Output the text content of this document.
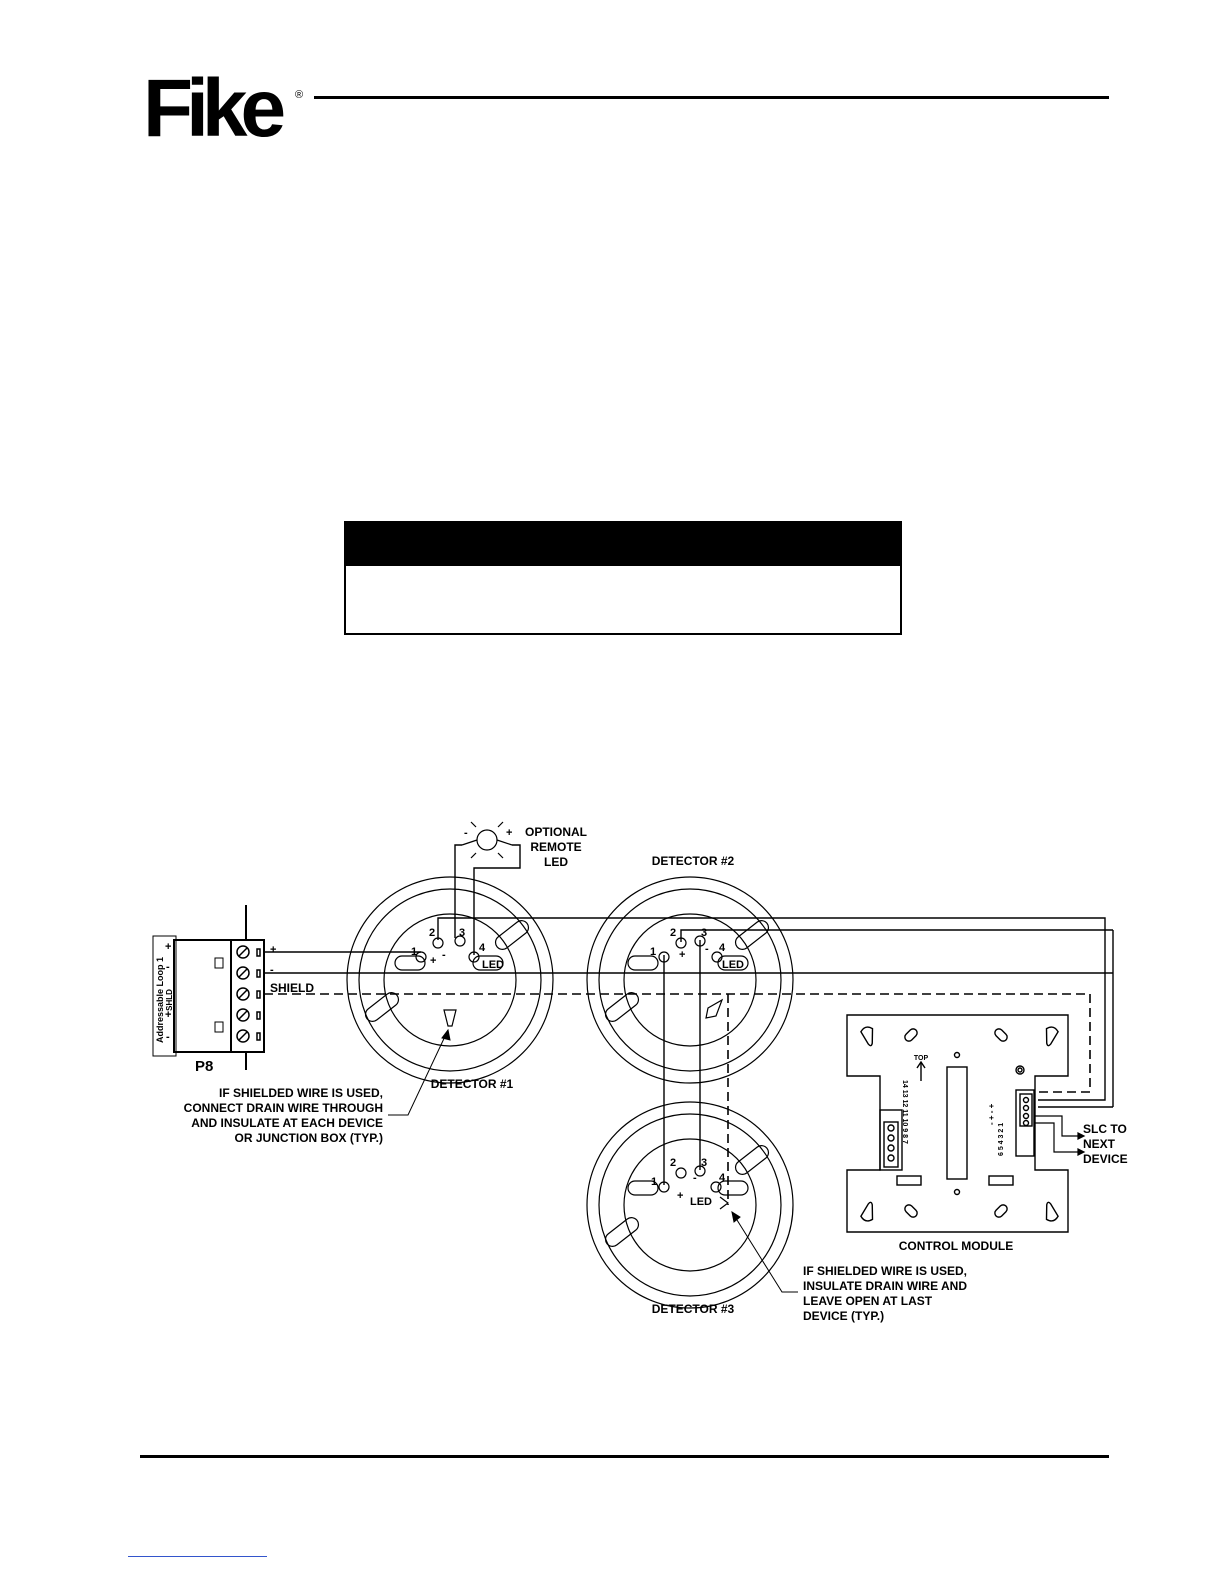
Fike	®
+
-
+
-
Addressable Loop 1 SHLD
P8
+
-
SHIELD
-	+ OPTIONAL
REMOTE
LED
1
2 3
4
+ -
LED
DETECTOR #1
1
2 3
4
+ -
LED
DETECTOR #2
1
2 3
4
+
-
LED
DETECTOR #3
IF SHIELDED WIRE IS USED,
CONNECT DRAIN WIRE THROUGH
AND INSULATE AT EACH DEVICE
OR JUNCTION BOX (TYP.)
IF SHIELDED WIRE IS USED,
INSULATE DRAIN WIRE AND
LEAVE OPEN AT LAST
DEVICE (TYP.)
TOP
14 13 12 11 10 9 8 7	6 5 4 3 2 1
- + - +
CONTROL MODULE
SLC TO
NEXT
DEVICE
